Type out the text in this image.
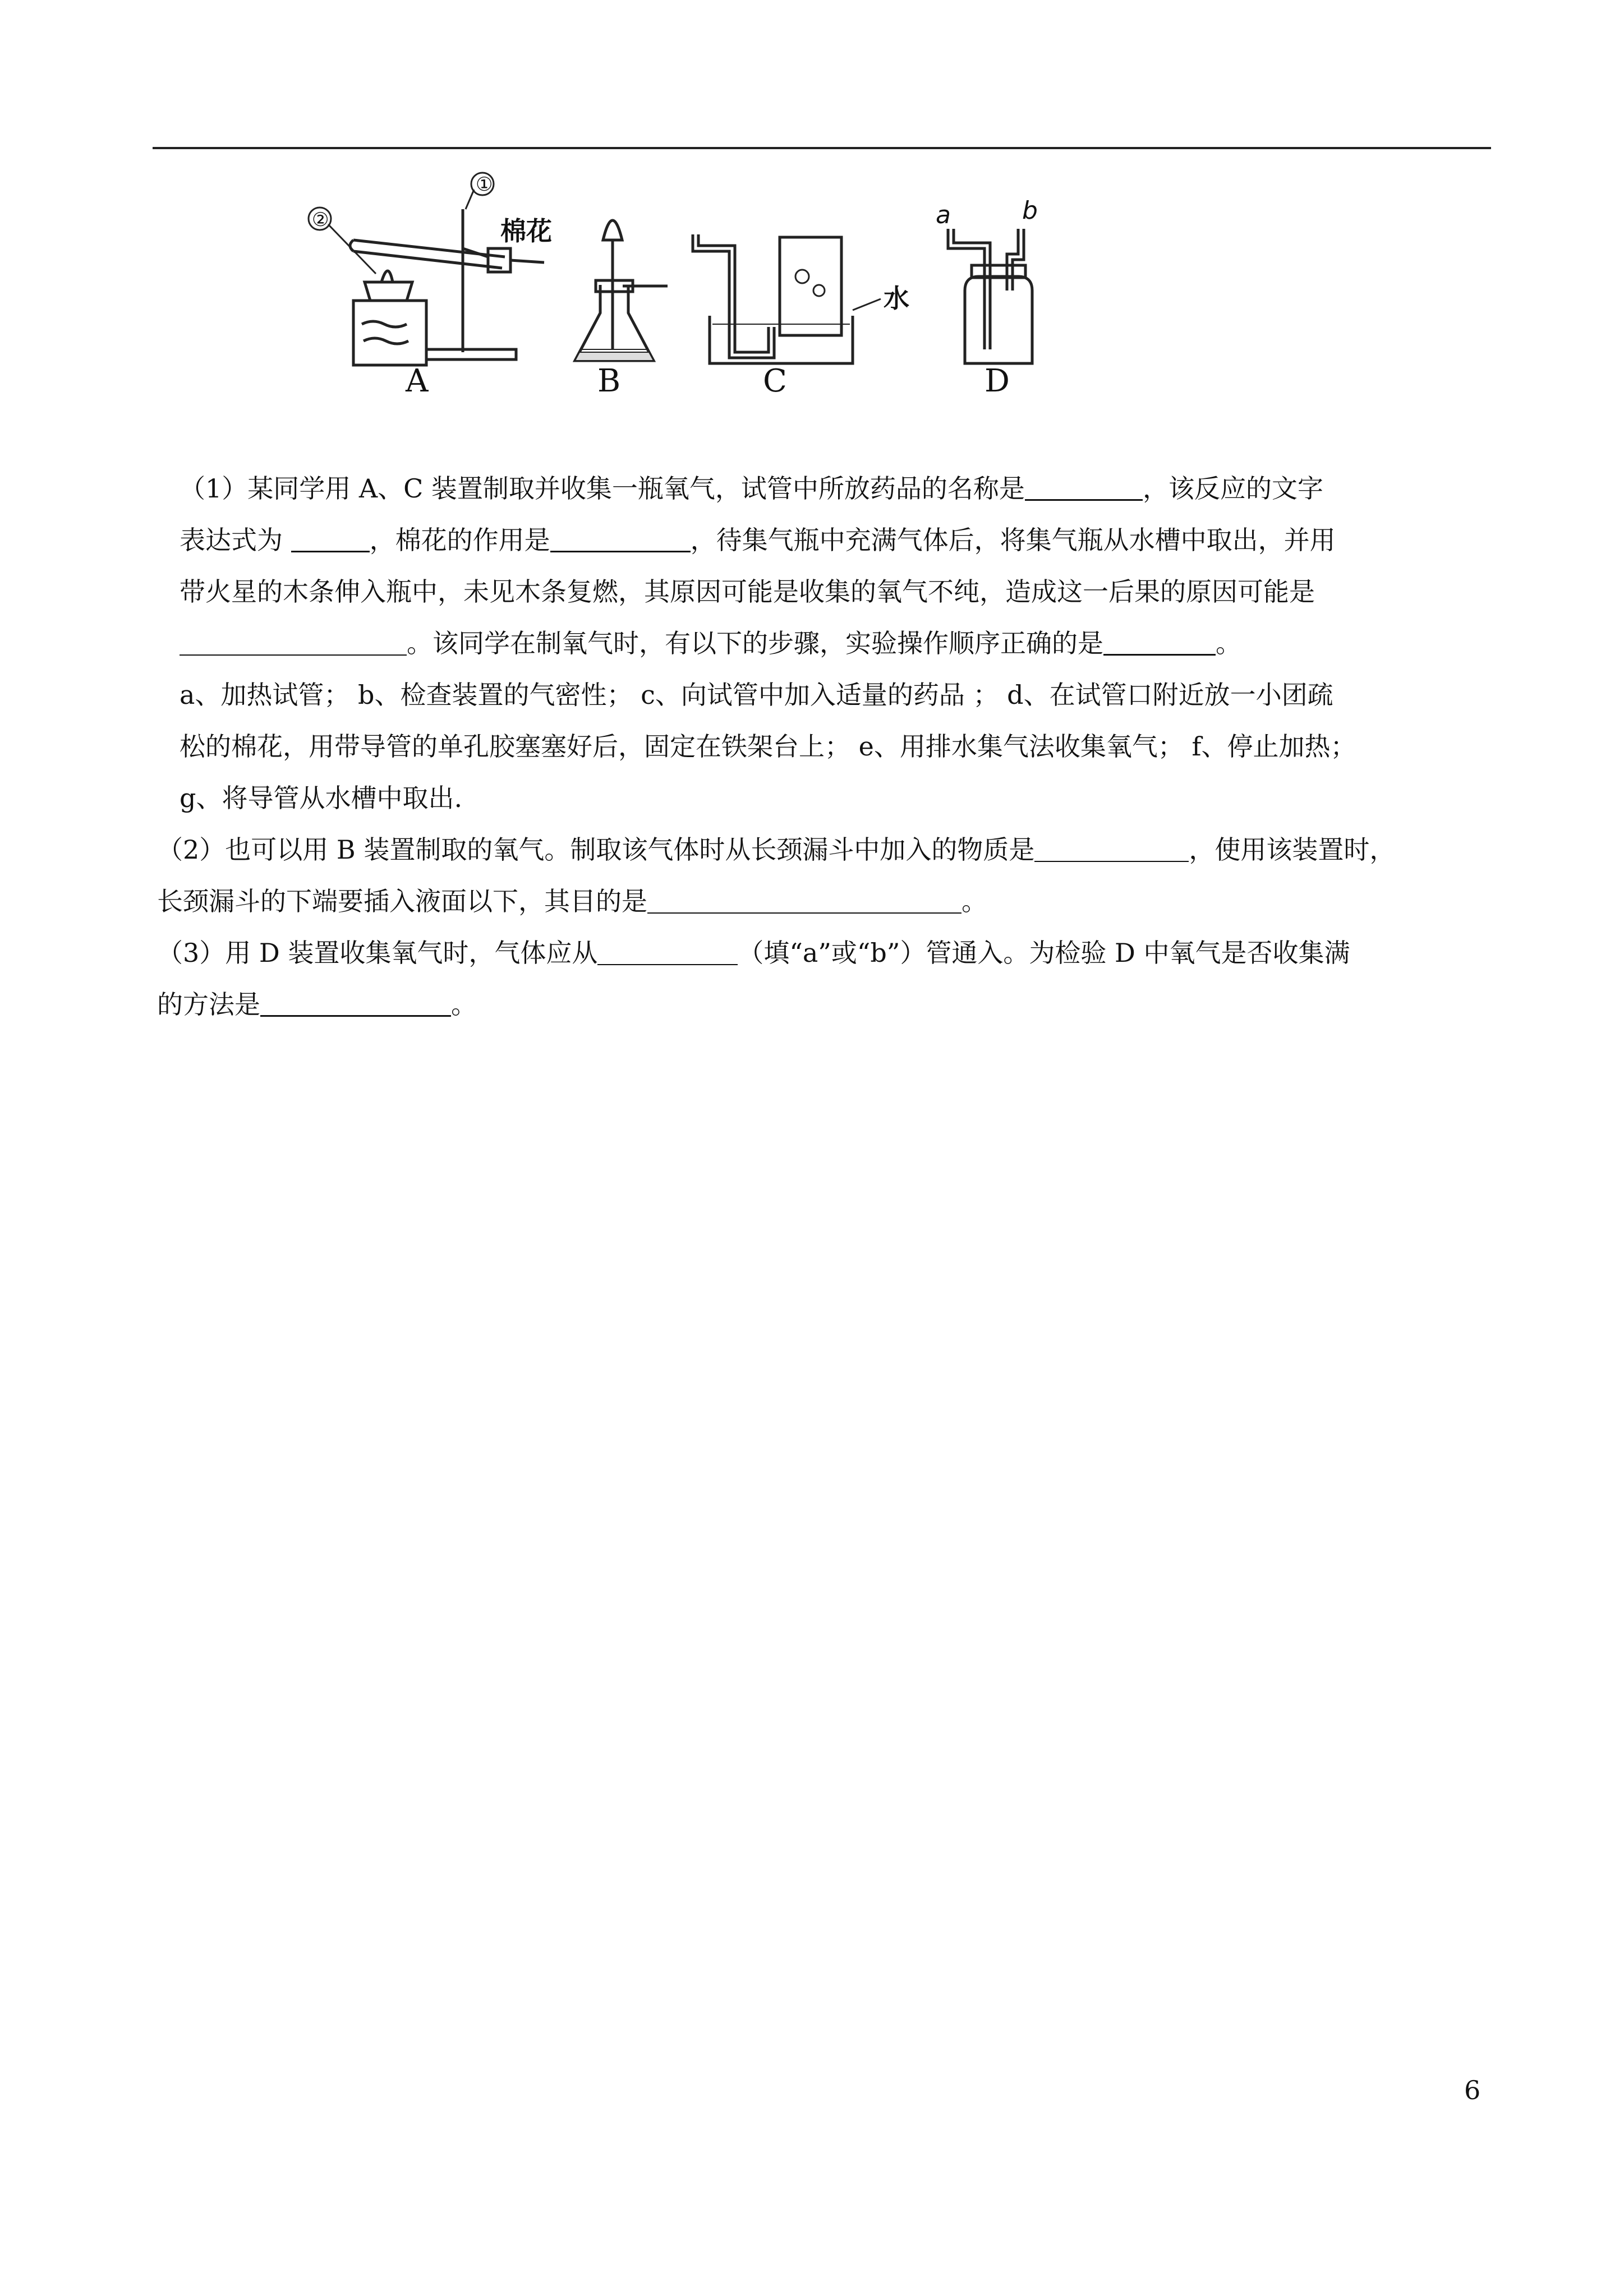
A	B	C	D
①
②	棉花
水
a	b
（1）某同学用 A、C 装置制取并收集一瓶氧气，试管中所放药品的名称是	，该反应的文字
表达式为	，棉花的作用是	，待集气瓶中充满气体后，将集气瓶从水槽中取出，并用
带火星的木条伸入瓶中，未见木条复燃，其原因可能是收集的氧气不纯，造成这一后果的原因可能是
。该同学在制氧气时，有以下的步骤，实验操作顺序正确的是	。
a、加热试管； b、检查装置的气密性； c、向试管中加入适量的药品 ； d、在试管口附近放一小团疏
松的棉花，用带导管的单孔胶塞塞好后，固定在铁架台上； e、用排水集气法收集氧气； f、停止加热；
g、将导管从水槽中取出.
（2）也可以用 B 装置制取的氧气。制取该气体时从长颈漏斗中加入的物质是	，使用该装置时，
长颈漏斗的下端要插入液面以下，其目的是	。
（3）用 D 装置收集氧气时，气体应从	（填“a”或“b”）管通入。为检验 D 中氧气是否收集满
的方法是	。
6
